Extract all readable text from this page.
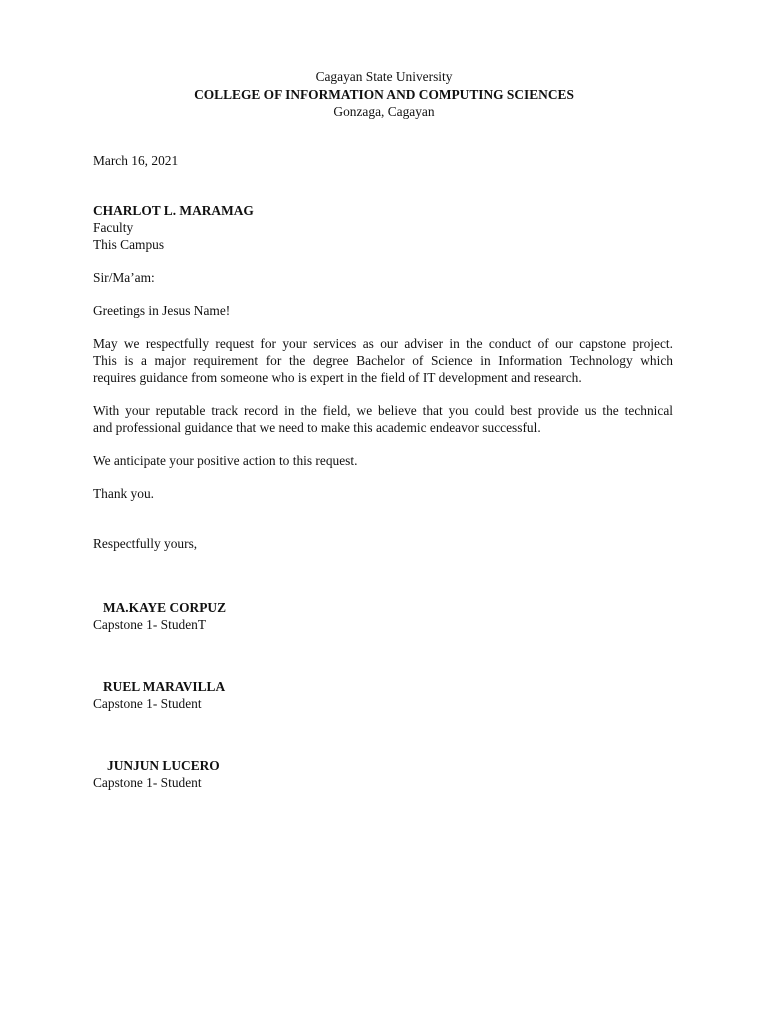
Cagayan State University
COLLEGE OF INFORMATION AND COMPUTING SCIENCES
Gonzaga, Cagayan
March 16, 2021
CHARLOT L. MARAMAG
Faculty
This Campus
Sir/Ma’am:
Greetings in Jesus Name!
May we respectfully request for your services as our adviser in the conduct of our capstone project.
This is a major requirement for the degree Bachelor of Science in Information Technology which
requires guidance from someone who is expert in the field of IT development and research.
With your reputable track record in the field, we believe that you could best provide us the technical
and professional guidance that we need to make this academic endeavor successful.
We anticipate your positive action to this request.
Thank you.
Respectfully yours,
MA.KAYE CORPUZ
Capstone 1- StudenT
RUEL MARAVILLA
Capstone 1- Student
JUNJUN LUCERO
Capstone 1- Student
